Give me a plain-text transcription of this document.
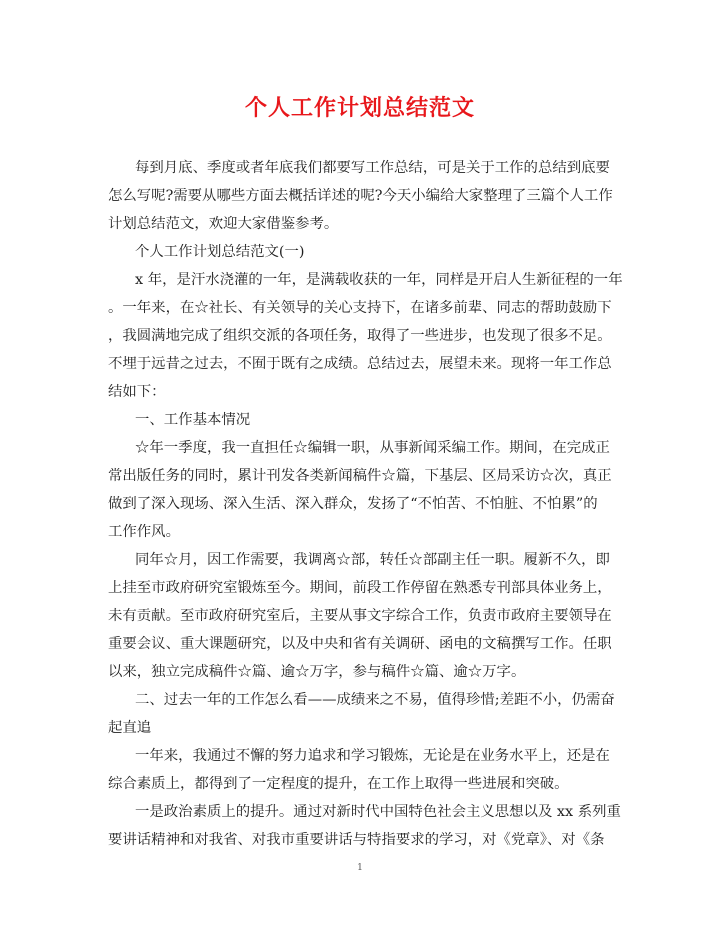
个人工作计划总结范文
每到月底、季度或者年底我们都要写工作总结，可是关于工作的总结到底要
怎么写呢?需要从哪些方面去概括详述的呢?今天小编给大家整理了三篇个人工作
计划总结范文，欢迎大家借鉴参考。
个人工作计划总结范文(一)
x 年，是汗水浇灌的一年，是满载收获的一年，同样是开启人生新征程的一年
。一年来，在☆社长、有关领导的关心支持下，在诸多前辈、同志的帮助鼓励下
，我圆满地完成了组织交派的各项任务，取得了一些进步，也发现了很多不足。
不埋于远昔之过去，不囿于既有之成绩。总结过去，展望未来。现将一年工作总
结如下：
一、工作基本情况
☆年一季度，我一直担任☆编辑一职，从事新闻采编工作。期间，在完成正
常出版任务的同时，累计刊发各类新闻稿件☆篇，下基层、区局采访☆次，真正
做到了深入现场、深入生活、深入群众，发扬了“不怕苦、不怕脏、不怕累”的
工作作风。
同年☆月，因工作需要，我调离☆部，转任☆部副主任一职。履新不久，即
上挂至市政府研究室锻炼至今。期间，前段工作停留在熟悉专刊部具体业务上，
未有贡献。至市政府研究室后，主要从事文字综合工作，负责市政府主要领导在
重要会议、重大课题研究，以及中央和省有关调研、函电的文稿撰写工作。任职
以来，独立完成稿件☆篇、逾☆万字，参与稿件☆篇、逾☆万字。
二、过去一年的工作怎么看——成绩来之不易，值得珍惜;差距不小，仍需奋
起直追
一年来，我通过不懈的努力追求和学习锻炼，无论是在业务水平上，还是在
综合素质上，都得到了一定程度的提升，在工作上取得一些进展和突破。
一是政治素质上的提升。通过对新时代中国特色社会主义思想以及 xx 系列重
要讲话精神和对我省、对我市重要讲话与特指要求的学习，对《党章》、对《条
1
